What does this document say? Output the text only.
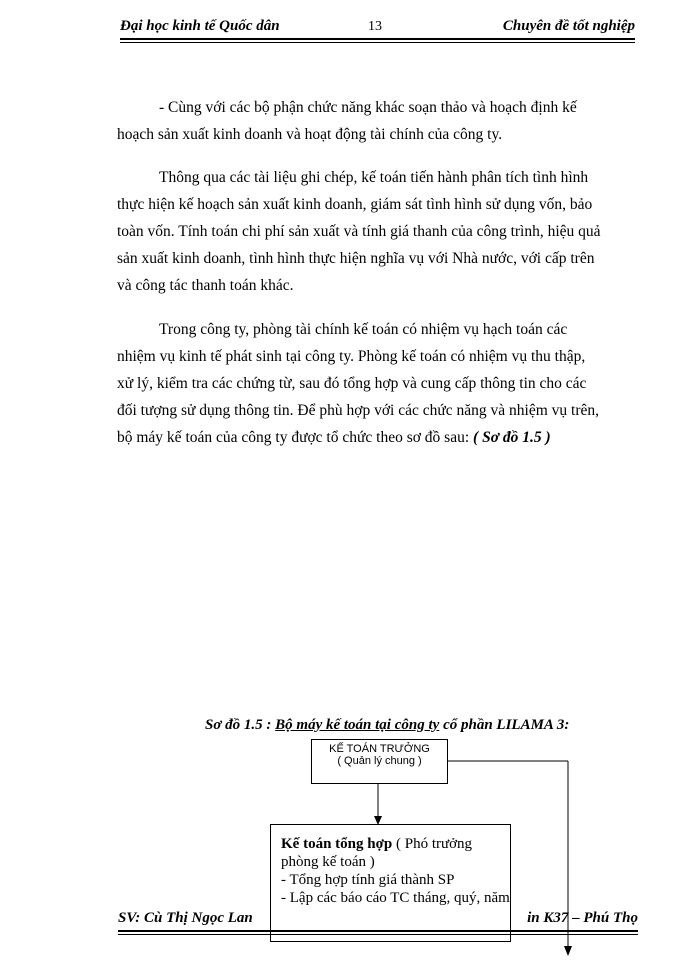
Đại học kinh tế Quốc dân	13	Chuyên đề tốt nghiệp

- Cùng với các bộ phận chức năng khác soạn thảo và hoạch định kế
hoạch sản xuất kinh doanh và hoạt động tài chính của công ty.

Thông qua các tài liệu ghi chép, kế toán tiến hành phân tích tình hình
thực hiện kế hoạch sản xuất kinh doanh, giám sát tình hình sử dụng vốn, bảo
toàn vốn. Tính toán chi phí sản xuất và tính giá thanh của công trình, hiệu quả
sản xuất kinh doanh, tình hình thực hiện nghĩa vụ với Nhà nước, với cấp trên
và công tác thanh toán khác.

Trong công ty, phòng tài chính kế toán có nhiệm vụ hạch toán các
nhiệm vụ kinh tế phát sinh tại công ty. Phòng kế toán có nhiệm vụ thu thập,
xử lý, kiểm tra các chứng từ, sau đó tổng hợp và cung cấp thông tin cho các
đối tượng sử dụng thông tin. Để phù hợp với các chức năng và nhiệm vụ trên,
bộ máy kế toán của công ty được tổ chức theo sơ đồ sau: ( Sơ đồ 1.5 )

Sơ đồ 1.5 : Bộ máy kế toán tại công ty cổ phần LILAMA 3:
KẾ TOÁN TRƯỞNG
( Quản lý chung )
Kế toán tổng hợp ( Phó trưởng phòng kế toán )
- Tổng hợp tính giá thành SP
- Lập các báo cáo TC tháng, quý, năm
SV: Cù Thị Ngọc Lan	in K37 – Phú Thọ
